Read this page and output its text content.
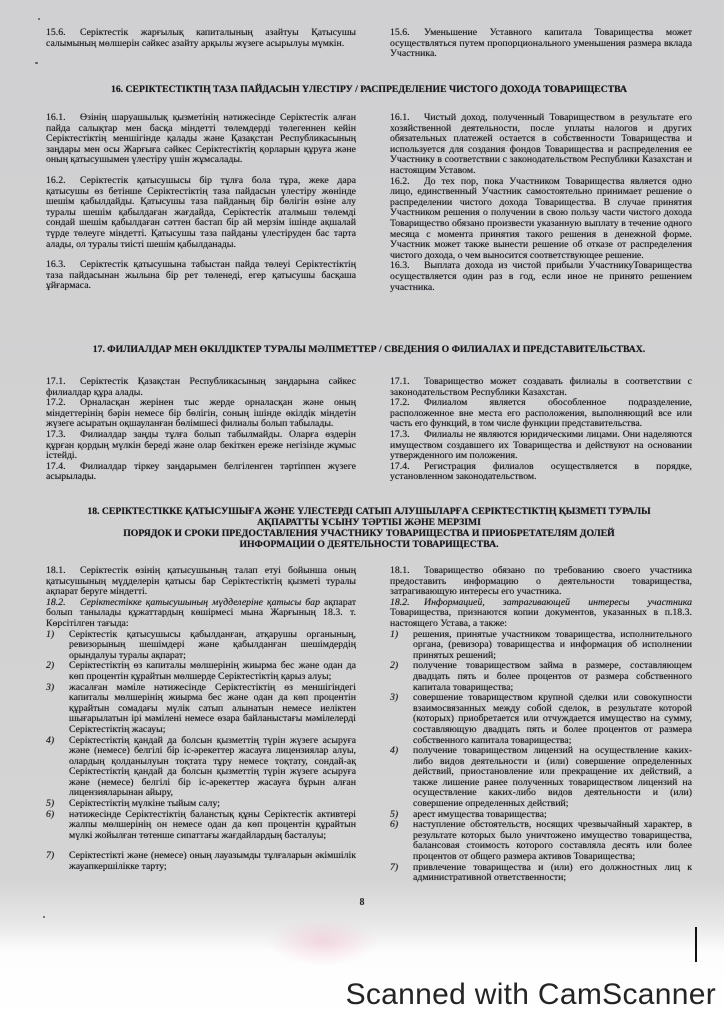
15.6. Серіктестік жарғылық капиталының азайтуы Қатысушы салымының мөлшерін сәйкес азайту арқылы жүзеге асырылуы мүмкін.

15.6. Уменьшение Уставного капитала Товарищества может осуществляться путем пропорционального уменьшения размера вклада Участника.

16. СЕРІКТЕСТІКТІҢ ТАЗА ПАЙДАСЫН ҮЛЕСТІРУ / РАСПРЕДЕЛЕНИЕ ЧИСТОГО ДОХОДА ТОВАРИЩЕСТВА

16.1. Өзінің шаруашылық қызметінің нәтижесінде Серіктестік алған пайда салықтар мен басқа міндетті төлемдерді төлегеннен кейін Серіктестіктің меншігінде қалады және Қазақстан Республикасының заңдары мен осы Жарғыға сәйкес Серіктестіктің қорларын құруға және оның қатысушымен үлестіру үшін жұмсалады.

16.2. Серіктестік қатысушысы бір тұлға бола тұра, жеке дара қатысушы өз бетінше Серіктестіктің таза пайдасын үлестіру жөнінде шешім қабылдайды. Қатысушы таза пайданың бір бөлігін өзіне алу туралы шешім қабылдаған жағдайда, Серіктестік аталмыш төлемді сондай шешім қабылдаған сәттен бастап бір ай мерзім ішінде ақшалай түрде төлеуге міндетті. Қатысушы таза пайданы үлестіруден бас тарта алады, ол туралы тиісті шешім қабылданады.

16.3. Серіктестік қатысушына табыстан пайда төлеуі Серіктестіктің таза пайдасынан жылына бір рет төленеді, егер қатысушы басқаша ұйғармаса.

16.1. Чистый доход, полученный Товариществом в результате его хозяйственной деятельности, после уплаты налогов и других обязательных платежей остается в собственности Товарищества и используется для создания фондов Товарищества и распределения ее Участнику в соответствии с законодательством Республики Казахстан и настоящим Уставом.

16.2. До тех пор, пока Участником Товарищества является одно лицо, единственный Участник самостоятельно принимает решение о распределении чистого дохода Товарищества. В случае принятия Участником решения о получении в свою пользу части чистого дохода Товарищество обязано произвести указанную выплату в течение одного месяца с момента принятия такого решения в денежной форме. Участник может также вынести решение об отказе от распределения чистого дохода, о чем выносится соответствующее решение.

16.3. Выплата дохода из чистой прибыли УчастникуТоварищества осуществляется один раз в год, если иное не принято решением участника.

17. ФИЛИАЛДАР МЕН ӨКІЛДІКТЕР ТУРАЛЫ МӘЛІМЕТТЕР / СВЕДЕНИЯ О ФИЛИАЛАХ И ПРЕДСТАВИТЕЛЬСТВАХ.

17.1. Серіктестік Қазақстан Республикасының заңдарына сәйкес филиалдар құра алады.

17.2. Орналасқан жерінен тыс жерде орналасқан және оның міндеттерінің бәрін немесе бір бөлігін, соның ішінде өкілдік міндетін жүзеге асыратын оқшауланған бөлімшесі филиалы болып табылады.

17.3. Филиалдар заңды тұлға болып табылмайды. Оларға өздерін құрған қордың мүлкін береді және олар бекіткен ереже негізінде жұмыс істейді.

17.4. Филиалдар тіркеу заңдарымен белгіленген тәртіппен жүзеге асырылады.

17.1. Товарищество может создавать филиалы в соответствии с законодательством Республики Казахстан.

17.2. Филиалом является обособленное подразделение, расположенное вне места его расположения, выполняющий все или часть его функций, в том числе функции представительства.

17.3. Филиалы не являются юридическими лицами. Они наделяются имуществом создавшего их Товарищества и действуют на основании утвержденного им положения.

17.4. Регистрация филиалов осуществляется в порядке, установленном законодательством.

18. СЕРІКТЕСТІККЕ ҚАТЫСУШЫҒА ЖӘНЕ ҮЛЕСТЕРДІ САТЫП АЛУШЫЛАРҒА СЕРІКТЕСТІКТІҢ ҚЫЗМЕТІ ТУРАЛЫ
АҚПАРАТТЫ ҰСЫНУ ТӘРТІБІ ЖӘНЕ МЕРЗІМІ
ПОРЯДОК И СРОКИ ПРЕДОСТАВЛЕНИЯ УЧАСТНИКУ ТОВАРИЩЕСТВА И ПРИОБРЕТАТЕЛЯМ ДОЛЕЙ
ИНФОРМАЦИИ О ДЕЯТЕЛЬНОСТИ ТОВАРИЩЕСТВА.

18.1. Серіктестік өзінің қатысушының талап етуі бойынша оның қатысушының мүдделерін қатысы бар Серіктестіктің қызметі туралы ақпарат беруге міндетті.

18.2. Серіктестікке қатысушының мүдделеріне қатысы бар ақпарат болып танылады құжаттардың көшірмесі мына Жарғының 18.3. т. Көрсітілген тағыда:

1) Серіктестік қатысушысы қабылданған, атқарушы органының, ревизорының шешімдері және қабылданған шешімдердің орындалуы туралы ақпарат;

2) Серіктестіктің өз капиталы мөлшерінің жиырма бес және одан да көп процентін құрайтын мөлшерде Серіктестіктің қарыз алуы;

3) жасалған мәміле нәтижесінде Серіктестіктің өз меншігіндегі капиталы мөлшерінің жиырма бес және одан да көп процентін құрайтын сомадағы мүлік сатып алынатын немесе иеліктен шығарылатын ірі мәмілені немесе өзара байланыстағы мәмілелерді Серіктестіктің жасауы;

4) Серіктестіктің қандай да болсын қызметтің түрін жүзеге асыруға және (немесе) белгілі бір іс-әрекеттер жасауға лицензиялар алуы, олардың қолданылуын тоқтата тұру немесе тоқтату, сондай-ақ Серіктестіктің қандай да болсын қызметтің түрін жүзеге асыруға және (немесе) белгілі бір іс-әрекеттер жасауға бұрын алған лицензияларынан айыру,

5) Серіктестіктің мүлкіне тыйым салу;

6) нәтижесінде Серіктестіктің баланстық құны Серіктестік активтері жалпы мөлшерінің он немесе одан да көп процентін құрайтын мүлкі жойылған төтенше сипаттағы жағдайлардың басталуы;

7) Серіктестікті және (немесе) оның лауазымды тұлғаларын әкімшілік жауапкершілікке тарту;

18.1. Товарищество обязано по требованию своего участника предоставить информацию о деятельности товарищества, затрагивающую интересы его участника.

18.2. Информацией, затрагивающей интересы участника Товарищества, признаются копии документов, указанных в п.18.3. настоящего Устава, а также:

1) решения, принятые участником товарищества, исполнительного органа, (ревизора) товарищества и информация об исполнении принятых решений;

2) получение товариществом займа в размере, составляющем двадцать пять и более процентов от размера собственного капитала товарищества;

3) совершение товариществом крупной сделки или совокупности взаимосвязанных между собой сделок, в результате которой (которых) приобретается или отчуждается имущество на сумму, составляющую двадцать пять и более процентов от размера собственного капитала товарищества;

4) получение товариществом лицензий на осуществление каких-либо видов деятельности и (или) совершение определенных действий, приостановление или прекращение их действий, а также лишение ранее полученных товариществом лицензий на осуществление каких-либо видов деятельности и (или) совершение определенных действий;

5) арест имущества товарищества;

6) наступление обстоятельств, носящих чрезвычайный характер, в результате которых было уничтожено имущество товарищества, балансовая стоимость которого составляла десять или более процентов от общего размера активов Товарищества;

7) привлечение товарищества и (или) его должностных лиц к административной ответственности;

8
Scanned with CamScanner
